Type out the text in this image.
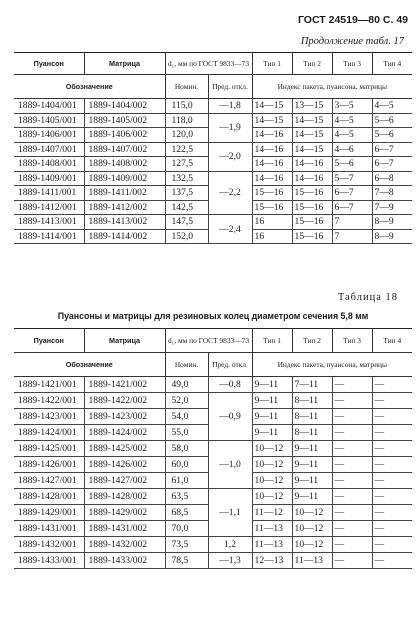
ГОСТ 24519—80 С. 49
Продолжение табл. 17
Пуансон	Матрица	d₁, мм по ГОСТ 9833—73		Тип 1	Тип 2	Тип 3	Тип 4
Обозначение		Номин.	Пред. откл.	Индекс пакета, пуансона, матрицы			
1889-1404/001	1889-1404/002	115,0	—1,8	14—15	13—15	3—5	4—5
1889-1405/001	1889-1405/002	118,0	—1,9	14—15	14—15	4—5	5—6
1889-1406/001	1889-1406/002	120,0		14—16	14—15	4—5	5—6
1889-1407/001	1889-1407/002	122,5	—2,0	14—16	14—15	4—6	6—7
1889-1408/001	1889-1408/002	127,5		14—16	14—16	5—6	6—7
1889-1409/001	1889-1409/002	132,5	—2,2	14—16	14—16	5—7	6—8
1889-1411/001	1889-1411/002	137,5		15—16	15—16	6—7	7—8
1889-1412/001	1889-1412/002	142,5		15—16	15—16	6—7	7—9
1889-1413/001	1889-1413/002	147,5	—2,4	16	15—16	7	8—9
1889-1414/001	1889-1414/002	152,0		16	15—16	7	8—9
Таблица 18
Пуансоны и матрицы для резиновых колец диаметром сечения 5,8 мм
Пуансон	Матрица	d₁, мм по ГОСТ 9833—73		Тип 1	Тип 2	Тип 3	Тип 4
Обозначение		Номин.	Пред. откл.	Индекс пакета, пуансона, матрицы			
1889-1421/001	1889-1421/002	49,0	—0,8	9—11	7—11	—	—
1889-1422/001	1889-1422/002	52,0	—0,9	9—11	8—11	—	—
1889-1423/001	1889-1423/002	54,0		9—11	8—11	—	—
1889-1424/001	1889-1424/002	55,0		9—11	8—11	—	—
1889-1425/001	1889-1425/002	58,0	—1,0	10—12	9—11	—	—
1889-1426/001	1889-1426/002	60,0		10—12	9—11	—	—
1889-1427/001	1889-1427/002	61,0		10—12	9—11	—	—
1889-1428/001	1889-1428/002	63,5	—1,1	10—12	9—11	—	—
1889-1429/001	1889-1429/002	68,5		11—12	10—12	—	—
1889-1431/001	1889-1431/002	70,0		11—13	10—12	—	—
1889-1432/001	1889-1432/002	73,5	1,2	11—13	10—12	—	—
1889-1433/001	1889-1433/002	78,5	—1,3	12—13	11—13	—	—
